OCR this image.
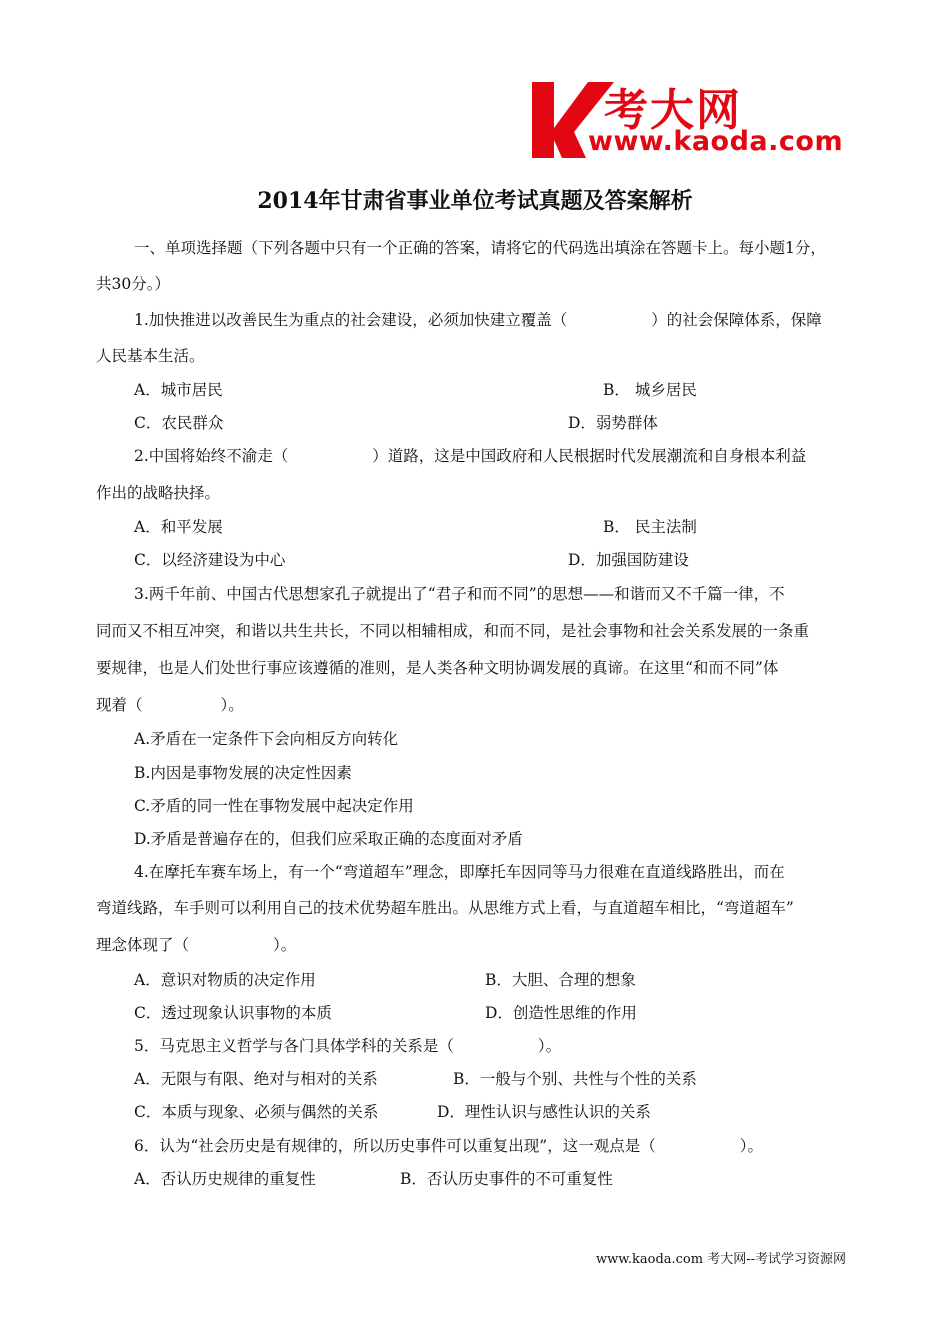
考大网
www.kaoda.com
2014年甘肃省事业单位考试真题及答案解析
一、单项选择题（下列各题中只有一个正确的答案，请将它的代码选出填涂在答题卡上。每小题1分，
共30分。）
1.加快推进以改善民生为重点的社会建设，必须加快建立覆盖（	）的社会保障体系，保障
人民基本生活。
A．城市居民	B． 城乡居民
C．农民群众	D．弱势群体
2.中国将始终不渝走（	）道路，这是中国政府和人民根据时代发展潮流和自身根本利益
作出的战略抉择。
A．和平发展	B． 民主法制
C．以经济建设为中心	D．加强国防建设
3.两千年前、中国古代思想家孔子就提出了“君子和而不同”的思想——和谐而又不千篇一律，不
同而又不相互冲突，和谐以共生共长，不同以相辅相成，和而不同，是社会事物和社会关系发展的一条重
要规律，也是人们处世行事应该遵循的准则，是人类各种文明协调发展的真谛。在这里“和而不同”体
现着（	）。
A.矛盾在一定条件下会向相反方向转化
B.内因是事物发展的决定性因素
C.矛盾的同一性在事物发展中起决定作用
D.矛盾是普遍存在的，但我们应采取正确的态度面对矛盾
4.在摩托车赛车场上，有一个“弯道超车”理念，即摩托车因同等马力很难在直道线路胜出，而在
弯道线路，车手则可以利用自己的技术优势超车胜出。从思维方式上看，与直道超车相比，“弯道超车”
理念体现了（	）。
A．意识对物质的决定作用	B．大胆、合理的想象
C．透过现象认识事物的本质	D．创造性思维的作用
5．马克思主义哲学与各门具体学科的关系是（	）。
A．无限与有限、绝对与相对的关系	B．一般与个别、共性与个性的关系
C．本质与现象、必须与偶然的关系	D．理性认识与感性认识的关系
6．认为“社会历史是有规律的，所以历史事件可以重复出现”，这一观点是（	）。
A．否认历史规律的重复性	B．否认历史事件的不可重复性
www.kaoda.com 考大网--考试学习资源网
